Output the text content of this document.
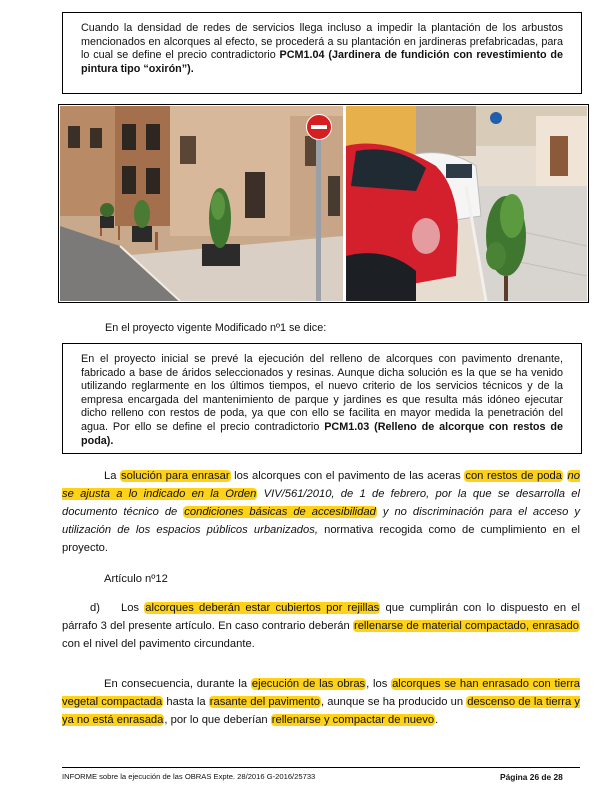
Cuando la densidad de redes de servicios llega incluso a impedir la plantación de los arbustos mencionados en alcorques al efecto, se procederá a su plantación en jardineras prefabricadas, para lo cual se define el precio contradictorio PCM1.04 (Jardinera de fundición con revestimiento de pintura tipo “oxirón”).
En el proyecto vigente Modificado nº1 se dice:
En el proyecto inicial se prevé la ejecución del relleno de alcorques con pavimento drenante, fabricado a base de áridos seleccionados y resinas. Aunque dicha solución es la que se ha venido utilizando reglarmente en los últimos tiempos, el nuevo criterio de los servicios técnicos y de la empresa encargada del mantenimiento de parque y jardines es que resulta más idóneo ejecutar dicho relleno con restos de poda, ya que con ello se facilita en mayor medida la penetración del agua. Por ello se define el precio contradictorio PCM1.03 (Relleno de alcorque con restos de poda).
La solución para enrasar los alcorques con el pavimento de las aceras con restos de poda no se ajusta a lo indicado en la Orden VIV/561/2010, de 1 de febrero, por la que se desarrolla el documento técnico de condiciones básicas de accesibilidad y no discriminación para el acceso y utilización de los espacios públicos urbanizados, normativa recogida como de cumplimiento en el proyecto.
Artículo nº12
d) Los alcorques deberán estar cubiertos por rejillas que cumplirán con lo dispuesto en el párrafo 3 del presente artículo. En caso contrario deberán rellenarse de material compactado, enrasado con el nivel del pavimento circundante.
En consecuencia, durante la ejecución de las obras, los alcorques se han enrasado con tierra vegetal compactada hasta la rasante del pavimento, aunque se ha producido un descenso de la tierra y ya no está enrasada, por lo que deberían rellenarse y compactar de nuevo.
INFORME sobre la ejecución de las OBRAS Expte. 28/2016 G-2016/25733	Página 26 de 28
